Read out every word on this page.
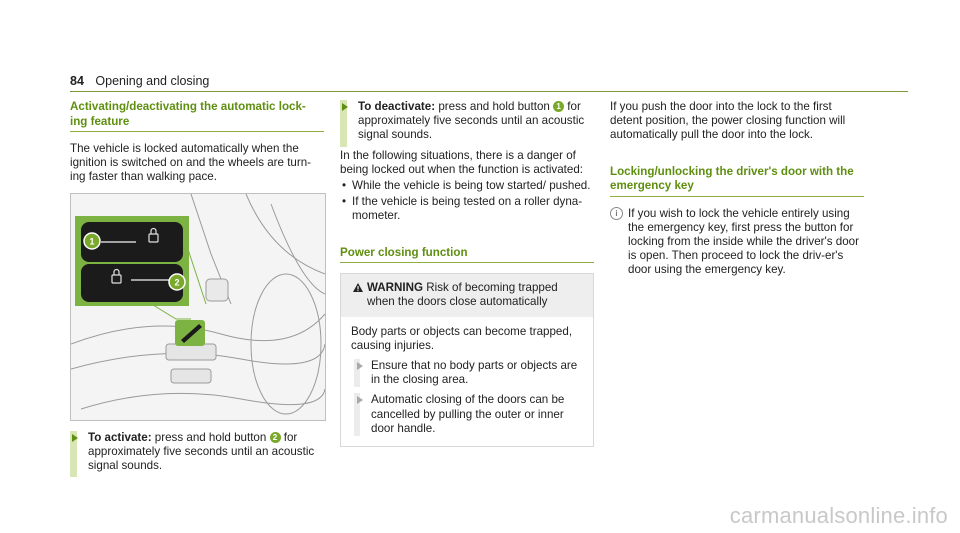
84 Opening and closing
Activating/deactivating the automatic lock-
ing feature

The vehicle is locked automatically when the ignition is switched on and the wheels are turn-ing faster than walking pace.

1
2
To activate: press and hold button 2 for approximately five seconds until an acoustic signal sounds.
To deactivate: press and hold button 1 for approximately five seconds until an acoustic signal sounds.

In the following situations, there is a danger of being locked out when the function is activated:

• While the vehicle is being tow started/ pushed.
• If the vehicle is being tested on a roller dyna-mometer.
Power closing function
WARNING Risk of becoming trapped when the doors close automatically
Body parts or objects can become trapped, causing injuries.
Ensure that no body parts or objects are in the closing area.
Automatic closing of the doors can be cancelled by pulling the outer or inner door handle.

If you push the door into the lock to the first detent position, the power closing function will automatically pull the door into the lock.

Locking/unlocking the driver's door with the
emergency key
i If you wish to lock the vehicle entirely using the emergency key, first press the button for locking from the inside while the driver's door is open. Then proceed to lock the driv-er's door using the emergency key.
carmanualsonline.info
